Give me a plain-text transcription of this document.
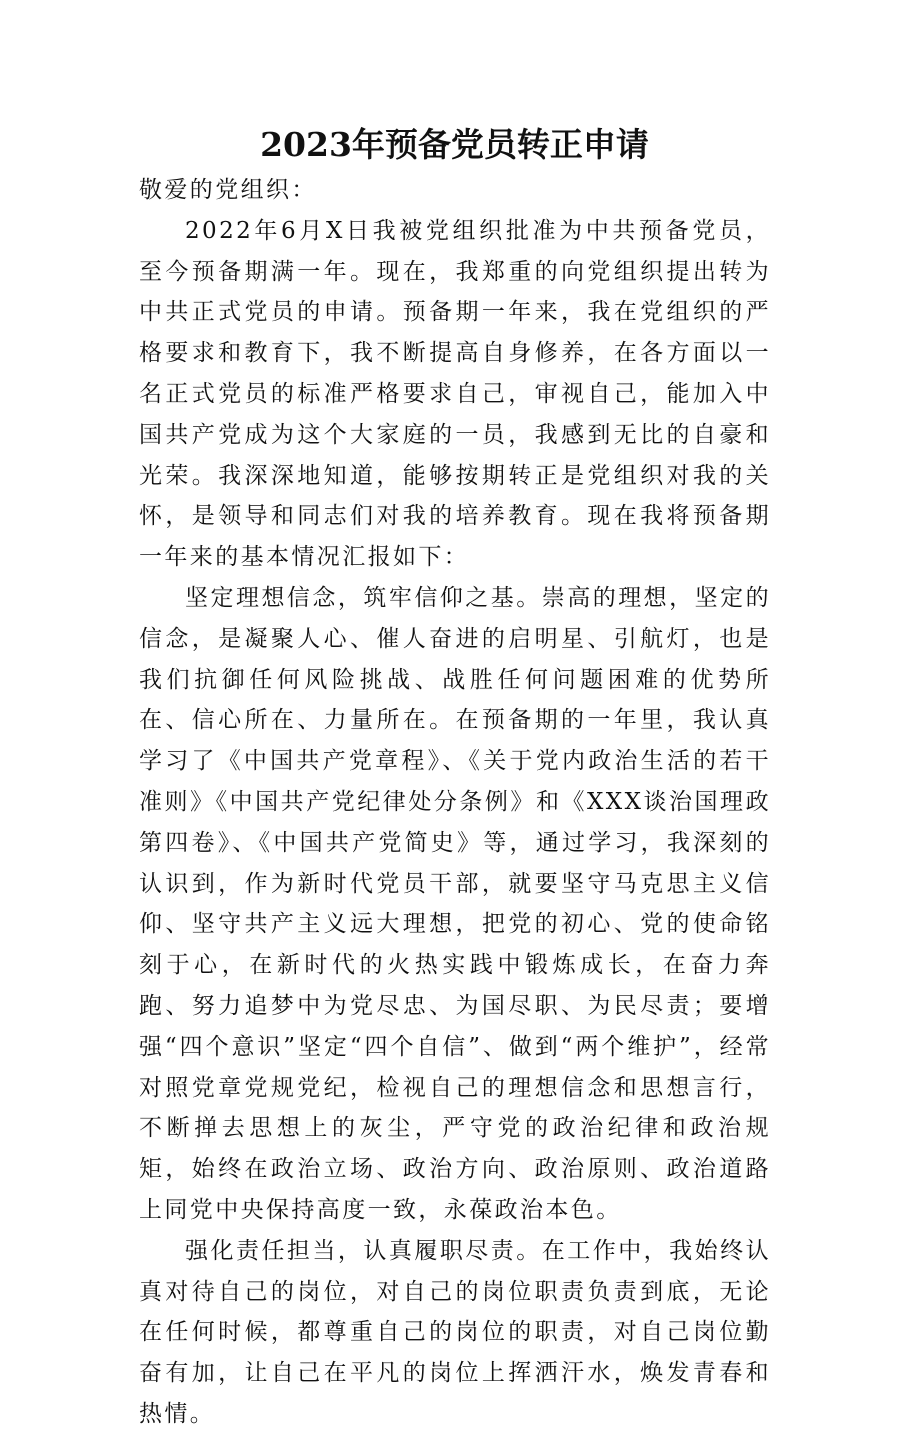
2023年预备党员转正申请

敬爱的党组织：

2022年6月X日我被党组织批准为中共预备党员，至今预备期满一年。现在，我郑重的向党组织提出转为中共正式党员的申请。预备期一年来，我在党组织的严格要求和教育下，我不断提高自身修养，在各方面以一名正式党员的标准严格要求自己，审视自己，能加入中国共产党成为这个大家庭的一员，我感到无比的自豪和光荣。我深深地知道，能够按期转正是党组织对我的关怀，是领导和同志们对我的培养教育。现在我将预备期一年来的基本情况汇报如下：

坚定理想信念，筑牢信仰之基。崇高的理想，坚定的信念，是凝聚人心、催人奋进的启明星、引航灯，也是我们抗御任何风险挑战、战胜任何问题困难的优势所在、信心所在、力量所在。在预备期的一年里，我认真学习了《中国共产党章程》、《关于党内政治生活的若干准则》《中国共产党纪律处分条例》和《XXX谈治国理政第四卷》、《中国共产党简史》等，通过学习，我深刻的认识到，作为新时代党员干部，就要坚守马克思主义信仰、坚守共产主义远大理想，把党的初心、党的使命铭刻于心，在新时代的火热实践中锻炼成长，在奋力奔跑、努力追梦中为党尽忠、为国尽职、为民尽责；要增强“四个意识”坚定“四个自信”、做到“两个维护”，经常对照党章党规党纪，检视自己的理想信念和思想言行，不断掸去思想上的灰尘，严守党的政治纪律和政治规矩，始终在政治立场、政治方向、政治原则、政治道路上同党中央保持高度一致，永葆政治本色。

强化责任担当，认真履职尽责。在工作中，我始终认真对待自己的岗位，对自己的岗位职责负责到底，无论在任何时候，都尊重自己的岗位的职责，对自己岗位勤奋有加，让自己在平凡的岗位上挥洒汗水，焕发青春和热情。
